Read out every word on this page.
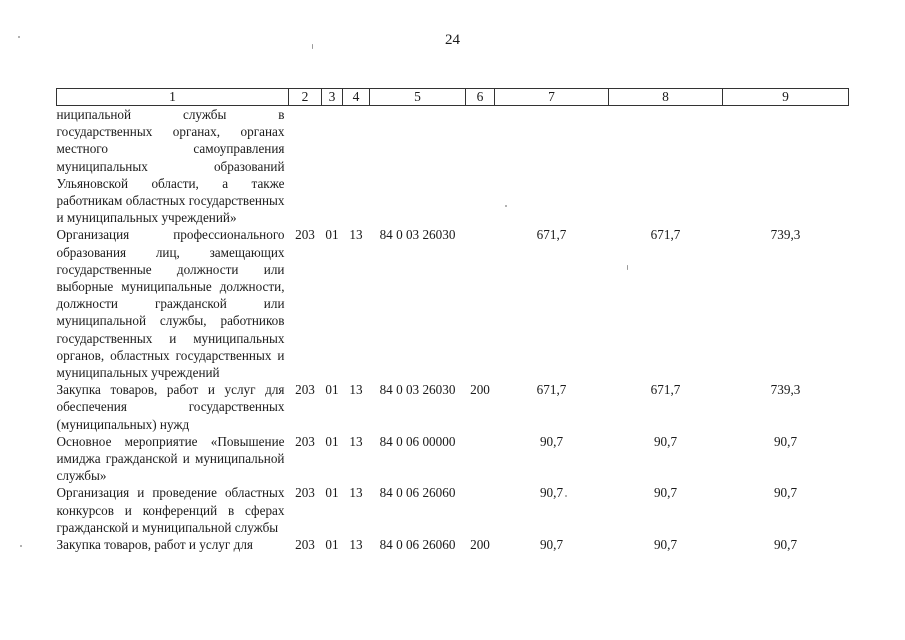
24
1	2	3	4	5	6	7	8	9
ниципальной службы в государственных органах, органах местного самоуправления муниципальных образований Ульяновской области, а также работникам областных государственных и муниципальных учреждений»								
Организация профессионального образования лиц, замещающих государственные должности или выборные муниципальные должности, должности гражданской или муниципальной службы, работников государственных и муниципальных органов, областных государственных и муниципальных учреждений	203	01	13	84 0 03 26030		671,7	671,7	739,3
Закупка товаров, работ и услуг для обеспечения государственных (муниципальных) нужд	203	01	13	84 0 03 26030	200	671,7	671,7	739,3
Основное мероприятие «Повышение имиджа гражданской и муниципальной службы»	203	01	13	84 0 06 00000		90,7	90,7	90,7
Организация и проведение областных конкурсов и конференций в сферах гражданской и муниципальной службы	203	01	13	84 0 06 26060		90,7	90,7	90,7
Закупка товаров, работ и услуг для	203	01	13	84 0 06 26060	200	90,7	90,7	90,7
